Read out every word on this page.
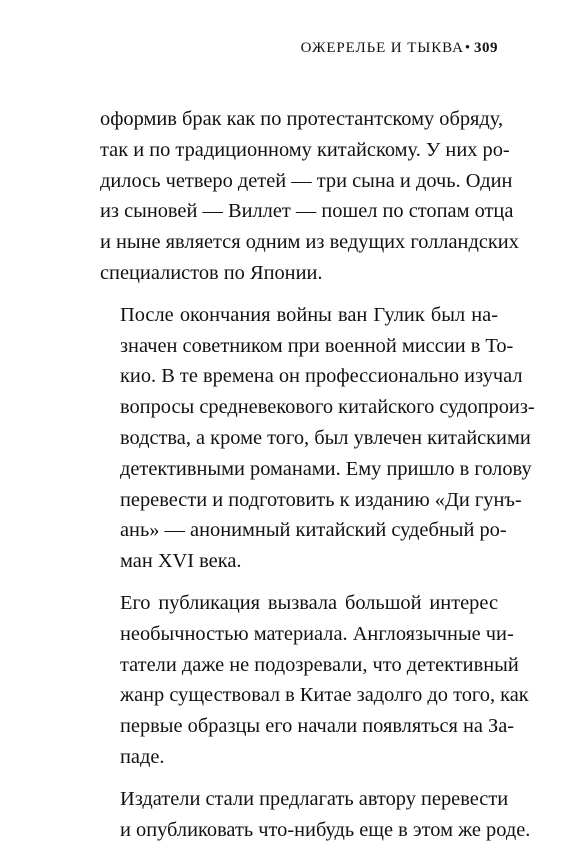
ОЖЕРЕЛЬЕ И ТЫКВА• 309

оформив брак как по протестантскому обряду,
так и по традиционному китайскому. У них ро-
дилось четверо детей — три сына и дочь. Один
из сыновей — Виллет — пошел по стопам отца
и ныне является одним из ведущих голландских
специалистов по Японии.

После окончания войны ван Гулик был на-
значен советником при военной миссии в То-
кио. В те времена он профессионально изучал
вопросы средневекового китайского судопроиз-
водства, а кроме того, был увлечен китайскими
детективными романами. Ему пришло в голову
перевести и подготовить к изданию «Ди гунъ-
ань» — анонимный китайский судебный ро-
ман XVI века.

Его публикация вызвала большой интерес
необычностью материала. Англоязычные чи-
татели даже не подозревали, что детективный
жанр существовал в Китае задолго до того, как
первые образцы его начали появляться на За-
паде.

Издатели стали предлагать автору перевести
и опубликовать что-нибудь еще в этом же роде.
